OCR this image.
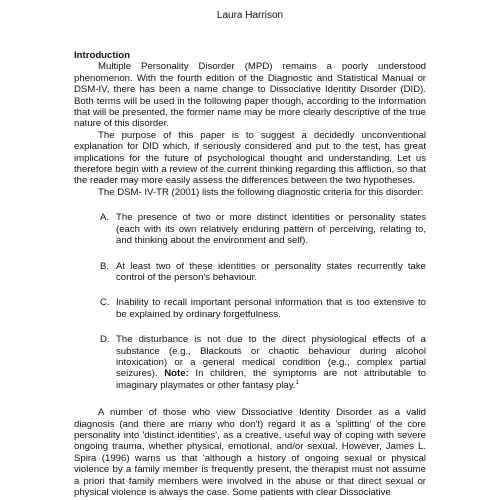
Laura Harrison
Introduction

Multiple Personality Disorder (MPD) remains a poorly understood phenomenon. With the fourth edition of the Diagnostic and Statistical Manual or DSM-IV, there has been a name change to Dissociative Identity Disorder (DID). Both terms will be used in the following paper though, according to the information that will be presented, the former name may be more clearly descriptive of the true nature of this disorder.

The purpose of this paper is to suggest a decidedly unconventional explanation for DID which, if seriously considered and put to the test, has great implications for the future of psychological thought and understanding. Let us therefore begin with a review of the current thinking regarding this affliction, so that the reader may more easily assess the differences between the two hypotheses.

The DSM- IV-TR (2001) lists the following diagnostic criteria for this disorder:

A. The presence of two or more distinct identities or personality states (each with its own relatively enduring pattern of perceiving, relating to, and thinking about the environment and self).
B. At least two of these identities or personality states recurrently take control of the person's behaviour.
C. Inability to recall important personal information that is too extensive to be explained by ordinary forgetfulness.
D. The disturbance is not due to the direct physiological effects of a substance (e.g., Blackouts or chaotic behaviour during alcohol intoxication) or a general medical condition (e.g., complex partial seizures). Note: In children, the symptoms are not attributable to imaginary playmates or other fantasy play.$^1$

A number of those who view Dissociative Identity Disorder as a valid diagnosis (and there are many who don't) regard it as a 'splitting' of the core personality into 'distinct identities', as a creative, useful way of coping with severe ongoing trauma, whether physical, emotional, and/or sexual. However, James L. Spira (1996) warns us that 'although a history of ongoing sexual or physical violence by a family member is frequently present, the therapist must not assume a priori that family members were involved in the abuse or that direct sexual or physical violence is always the case. Some patients with clear Dissociative
